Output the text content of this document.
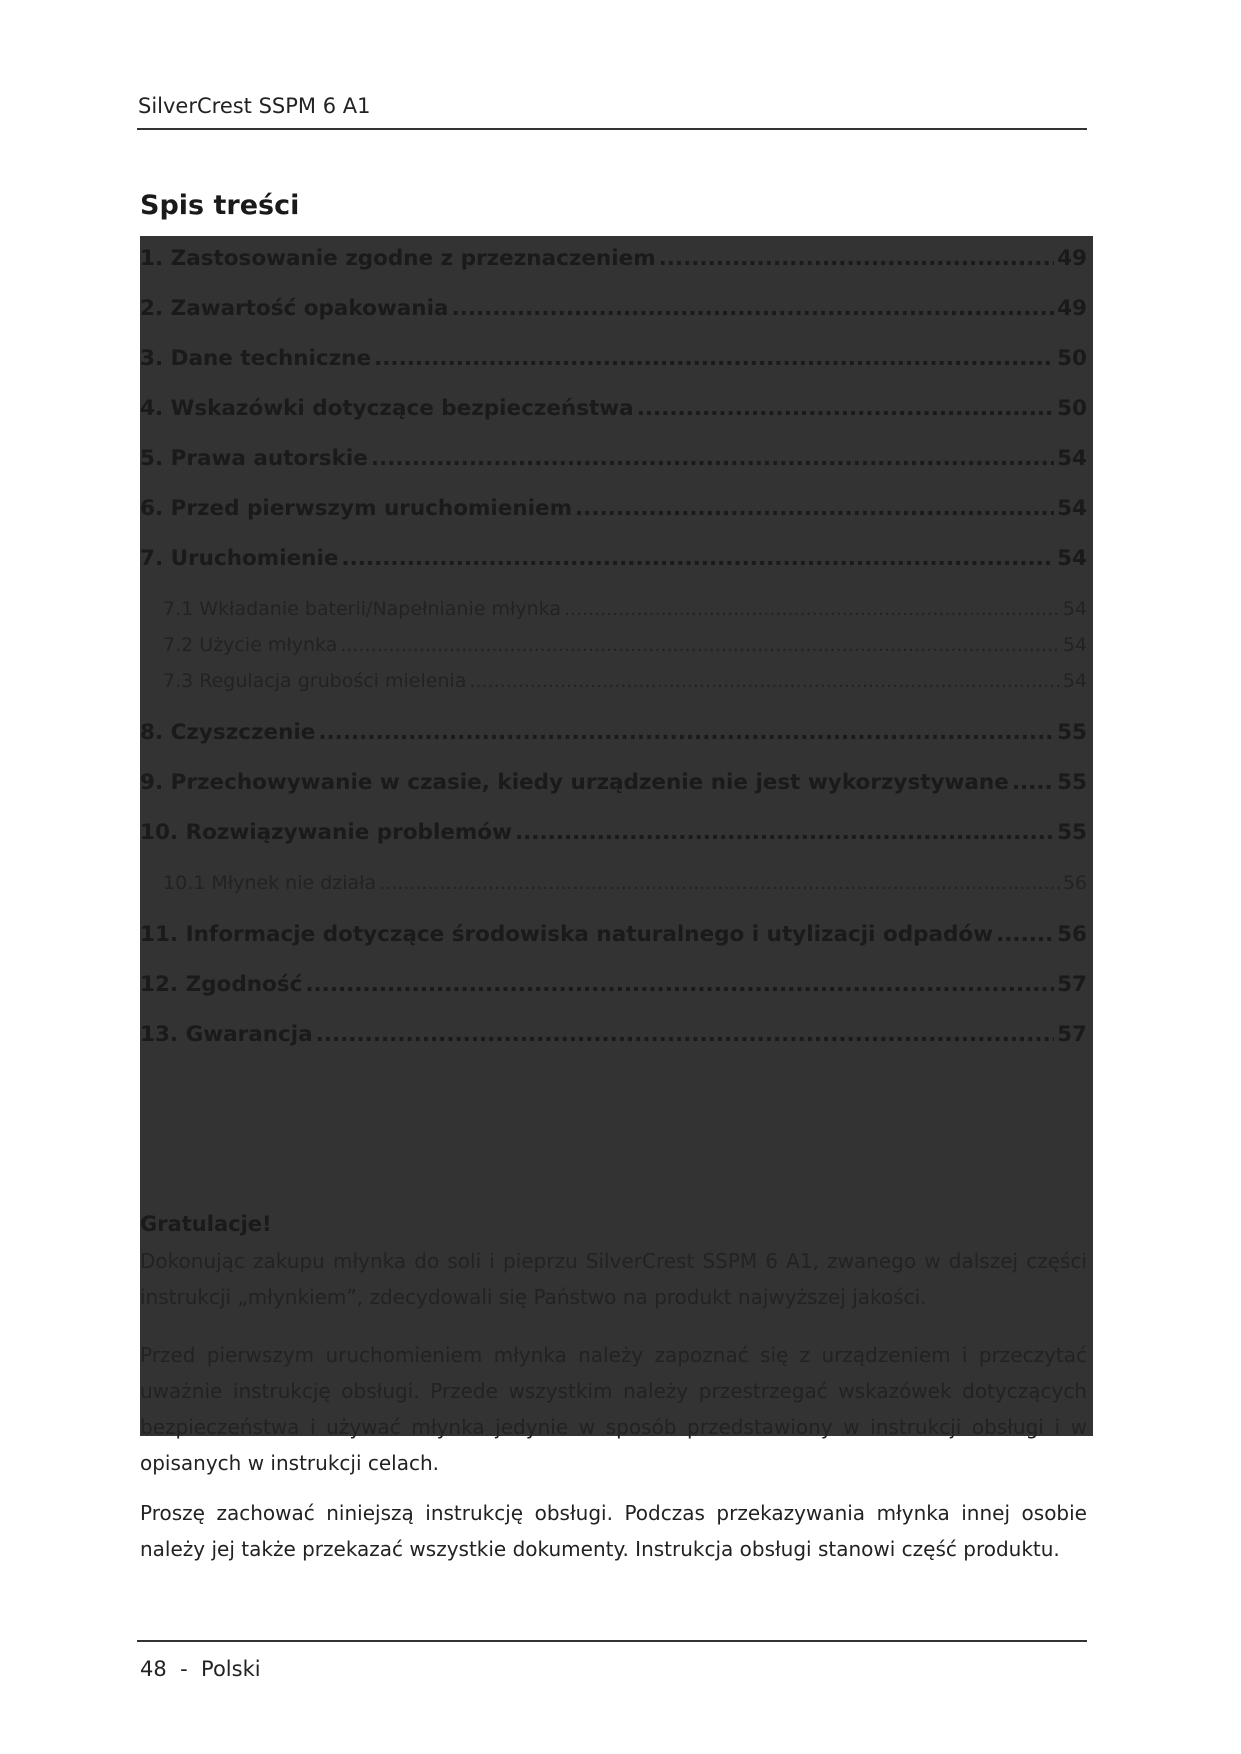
SilverCrest SSPM 6 A1
Spis treści
1. Zastosowanie zgodne z przeznaczeniem .....	49
2. Zawartość opakowania .....	49
3. Dane techniczne .....	50
4. Wskazówki dotyczące bezpieczeństwa .....	50
5. Prawa autorskie .....	54
6. Przed pierwszym uruchomieniem .....	54
7. Uruchomienie .....	54
7.1 Wkładanie baterii/Napełnianie młynka .....	54
7.2 Użycie młynka .....	54
7.3 Regulacja grubości mielenia .....	54
8. Czyszczenie .....	55
9. Przechowywanie w czasie, kiedy urządzenie nie jest wykorzystywane ..... 55
10. Rozwiązywanie problemów .....	55
10.1 Młynek nie działa .....	56
11. Informacje dotyczące środowiska naturalnego i utylizacji odpadów .....	56
12. Zgodność .....	57
13. Gwarancja .....	57
Gratulacje!
Dokonując zakupu młynka do soli i pieprzu SilverCrest SSPM 6 A1, zwanego w dalszej części instrukcji „młynkiem”, zdecydowali się Państwo na produkt najwyższej jakości.
Przed pierwszym uruchomieniem młynka należy zapoznać się z urządzeniem i przeczytać uważnie instrukcję obsługi. Przede wszystkim należy przestrzegać wskazówek dotyczących bezpieczeństwa i używać młynka jedynie w sposób przedstawiony w instrukcji obsługi i w opisanych w instrukcji celach.
Proszę zachować niniejszą instrukcję obsługi. Podczas przekazywania młynka innej osobie należy jej także przekazać wszystkie dokumenty. Instrukcja obsługi stanowi część produktu.
48 - Polski
